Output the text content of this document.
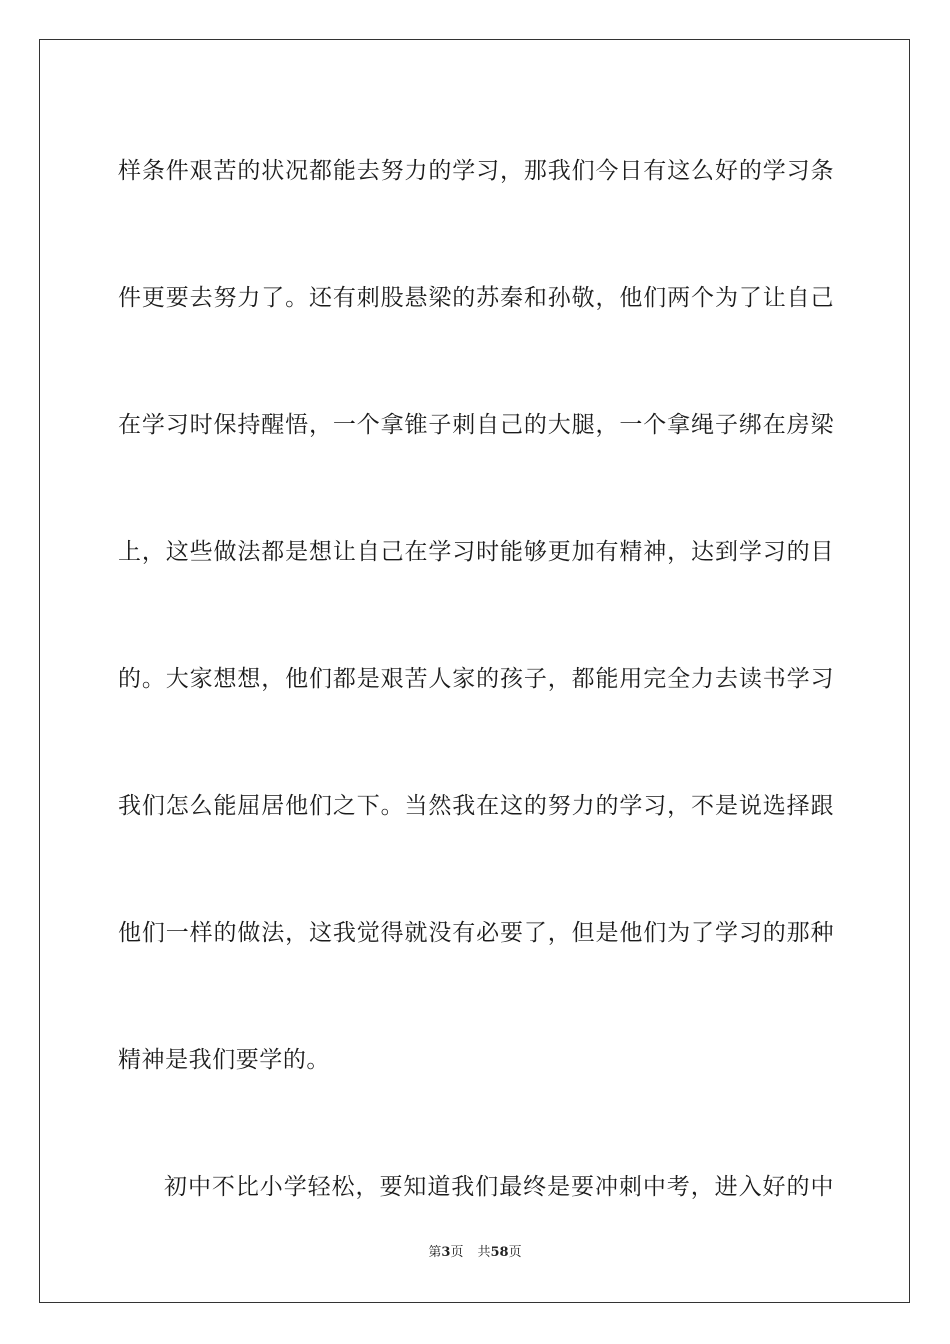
样条件艰苦的状况都能去努力的学习，那我们今日有这么好的学习条
件更要去努力了。还有刺股悬梁的苏秦和孙敬，他们两个为了让自己
在学习时保持醒悟，一个拿锥子刺自己的大腿，一个拿绳子绑在房梁
上，这些做法都是想让自己在学习时能够更加有精神，达到学习的目
的。大家想想，他们都是艰苦人家的孩子，都能用完全力去读书学习
我们怎么能屈居他们之下。当然我在这的努力的学习，不是说选择跟
他们一样的做法，这我觉得就没有必要了，但是他们为了学习的那种
精神是我们要学的。
初中不比小学轻松，要知道我们最终是要冲刺中考，进入好的中
第3页 共58页
